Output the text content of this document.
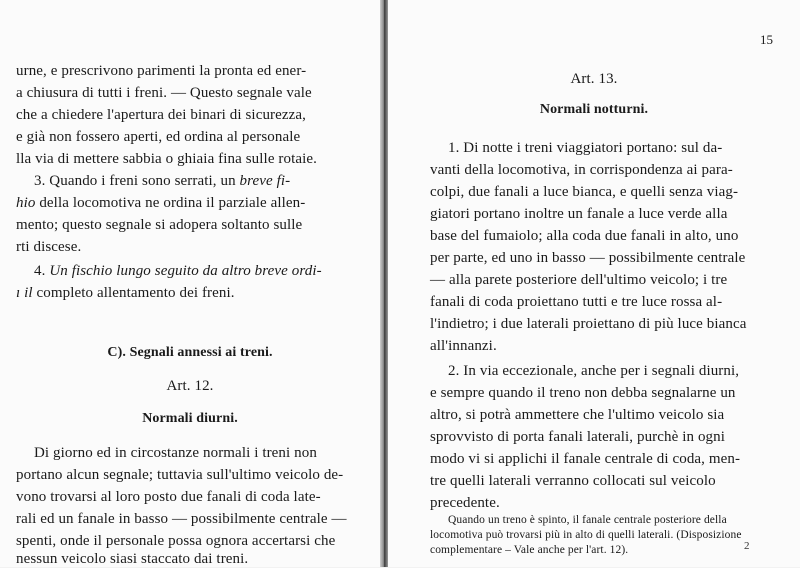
urne, e prescrivono parimenti la pronta ed ener-
a chiusura di tutti i freni. — Questo segnale vale
che a chiedere l'apertura dei binari di sicurezza,
e già non fossero aperti, ed ordina al personale
lla via di mettere sabbia o ghiaia fina sulle rotaie.
3. Quando i freni sono serrati, un breve fi-
hio della locomotiva ne ordina il parziale allen-
mento; questo segnale si adopera soltanto sulle
rti discese.
4. Un fischio lungo seguito da altro breve ordi-
ı il completo allentamento dei freni.
C). Segnali annessi ai treni.
Art. 12.
Normali diurni.
Di giorno ed in circostanze normali i treni non
portano alcun segnale; tuttavia sull'ultimo veicolo de-
vono trovarsi al loro posto due fanali di coda late-
rali ed un fanale in basso — possibilmente centrale —
spenti, onde il personale possa ognora accertarsi che
nessun veicolo siasi staccato dai treni.
15
Art. 13.
Normali notturni.
1. Di notte i treni viaggiatori portano: sul da-
vanti della locomotiva, in corrispondenza ai para-
colpi, due fanali a luce bianca, e quelli senza viag-
giatori portano inoltre un fanale a luce verde alla
base del fumaiolo; alla coda due fanali in alto, uno
per parte, ed uno in basso — possibilmente centrale
— alla parete posteriore dell'ultimo veicolo; i tre
fanali di coda proiettano tutti e tre luce rossa al-
l'indietro; i due laterali proiettano di più luce bianca
all'innanzi.
2. In via eccezionale, anche per i segnali diurni,
e sempre quando il treno non debba segnalarne un
altro, si potrà ammettere che l'ultimo veicolo sia
sprovvisto di porta fanali laterali, purchè in ogni
modo vi si applichi il fanale centrale di coda, men-
tre quelli laterali verranno collocati sul veicolo
precedente.
Quando un treno è spinto, il fanale centrale posteriore della
locomotiva può trovarsi più in alto di quelli laterali. (Disposizione
complementare – Vale anche per l'art. 12).	2
